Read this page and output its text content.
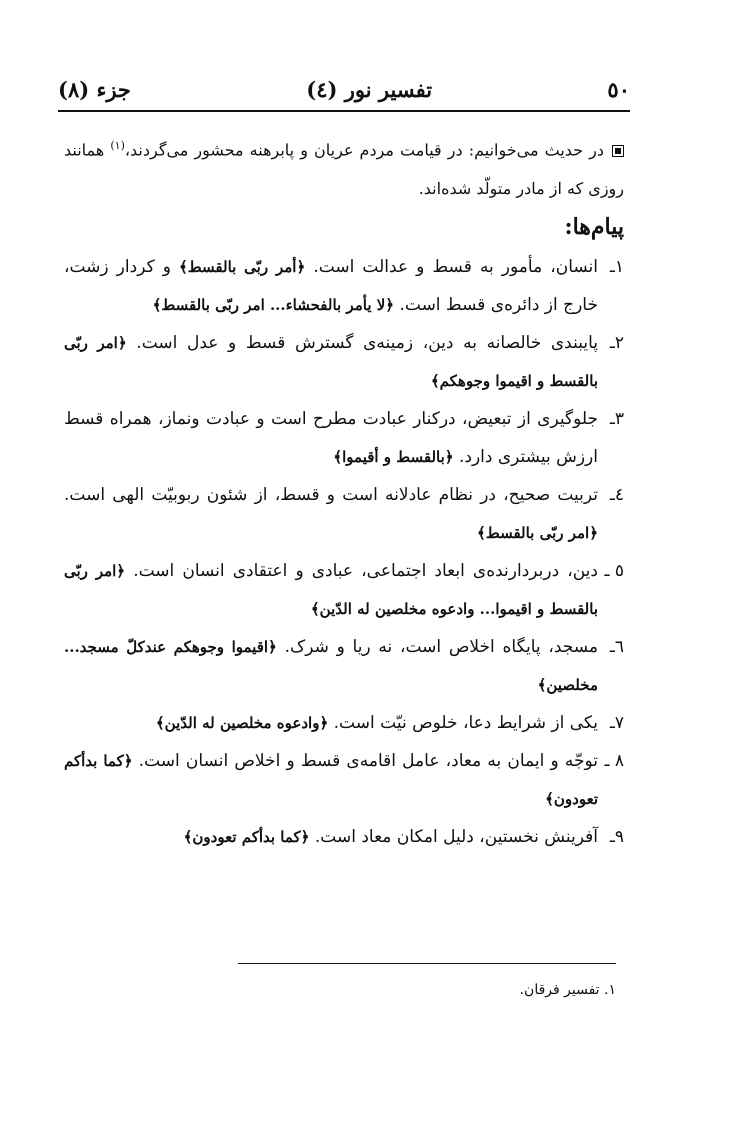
جزء (٨)	تفسیر نور (٤)	٥٠
در حدیث می‌خوانیم: در قیامت مردم عریان و پابرهنه محشور می‌گردند،$^{(١)}$ همانند روزی که از مادر متولّد شده‌اند.
پیام‌ها:
١ـ
انسان، مأمور به قسط و عدالت است. ﴿أمر ربّی بالقسط﴾ و کردار زشت، خارج از دائره‌ی قسط است. ﴿لا یأمر بالفحشاء... امر ربّی بالقسط﴾
٢ـ
پایبندی خالصانه به دین، زمینه‌ی گسترش قسط و عدل است. ﴿امر ربّی بالقسط و اقیموا وجوهکم﴾
٣ـ
جلوگیری از تبعیض، درکنار عبادت مطرح است و عبادت ونماز، همراه قسط ارزش بیشتری دارد. ﴿بالقسط و أقیموا﴾
٤ـ
تربیت صحیح، در نظام عادلانه است و قسط، از شئون ربوبیّت الهی است. ﴿امر ربّی بالقسط﴾
٥ ـ
دین، دربردارنده‌ی ابعاد اجتماعی، عبادی و اعتقادی انسان است. ﴿امر ربّی بالقسط و اقیموا... وادعوه مخلصین له الدّین﴾
٦ـ
مسجد، پایگاه اخلاص است، نه ریا و شرک. ﴿اقیموا وجوهکم عندکلّ مسجد... مخلصین﴾
٧ـ
یکی از شرایط دعا، خلوص نیّت است. ﴿وادعوه مخلصین له الدّین﴾
٨ ـ
توجّه و ایمان به معاد، عامل اقامه‌ی قسط و اخلاص انسان است. ﴿کما بدأکم تعودون﴾
٩ـ
آفرینش نخستین، دلیل امکان معاد است. ﴿کما بدأکم تعودون﴾
١. تفسیر فرقان.
